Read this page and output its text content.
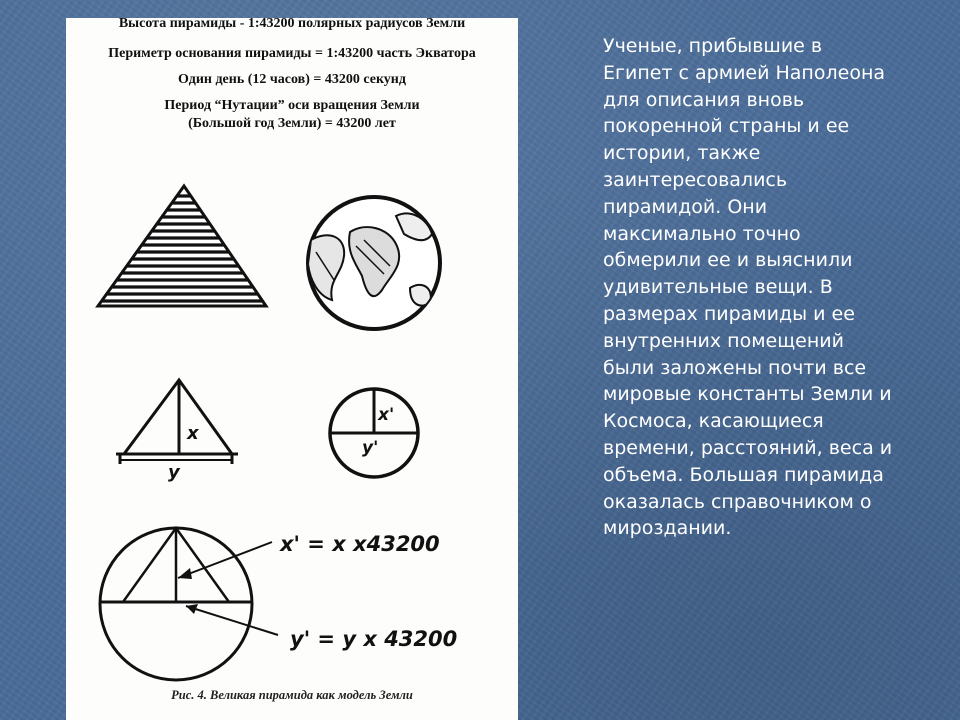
Высота пирамиды - 1:43200 полярных радиусов Земли
Периметр основания пирамиды = 1:43200 часть Экватора
Один день (12 часов) = 43200 секунд
Период “Нутации” оси вращения Земли
(Большой год Земли) = 43200 лет
x
y
x'
y'
x' = x x43200
y' = y x 43200
Рис. 4. Великая пирамида как модель Земли
Ученые, прибывшие в
Египет с армией Наполеона
для описания вновь
покоренной страны и ее
истории, также
заинтересовались
пирамидой. Они
максимально точно
обмерили ее и выяснили
удивительные вещи. В
размерах пирамиды и ее
внутренних помещений
были заложены почти все
мировые константы Земли и
Космоса, касающиеся
времени, расстояний, веса и
объема. Большая пирамида
оказалась справочником о
мироздании.
